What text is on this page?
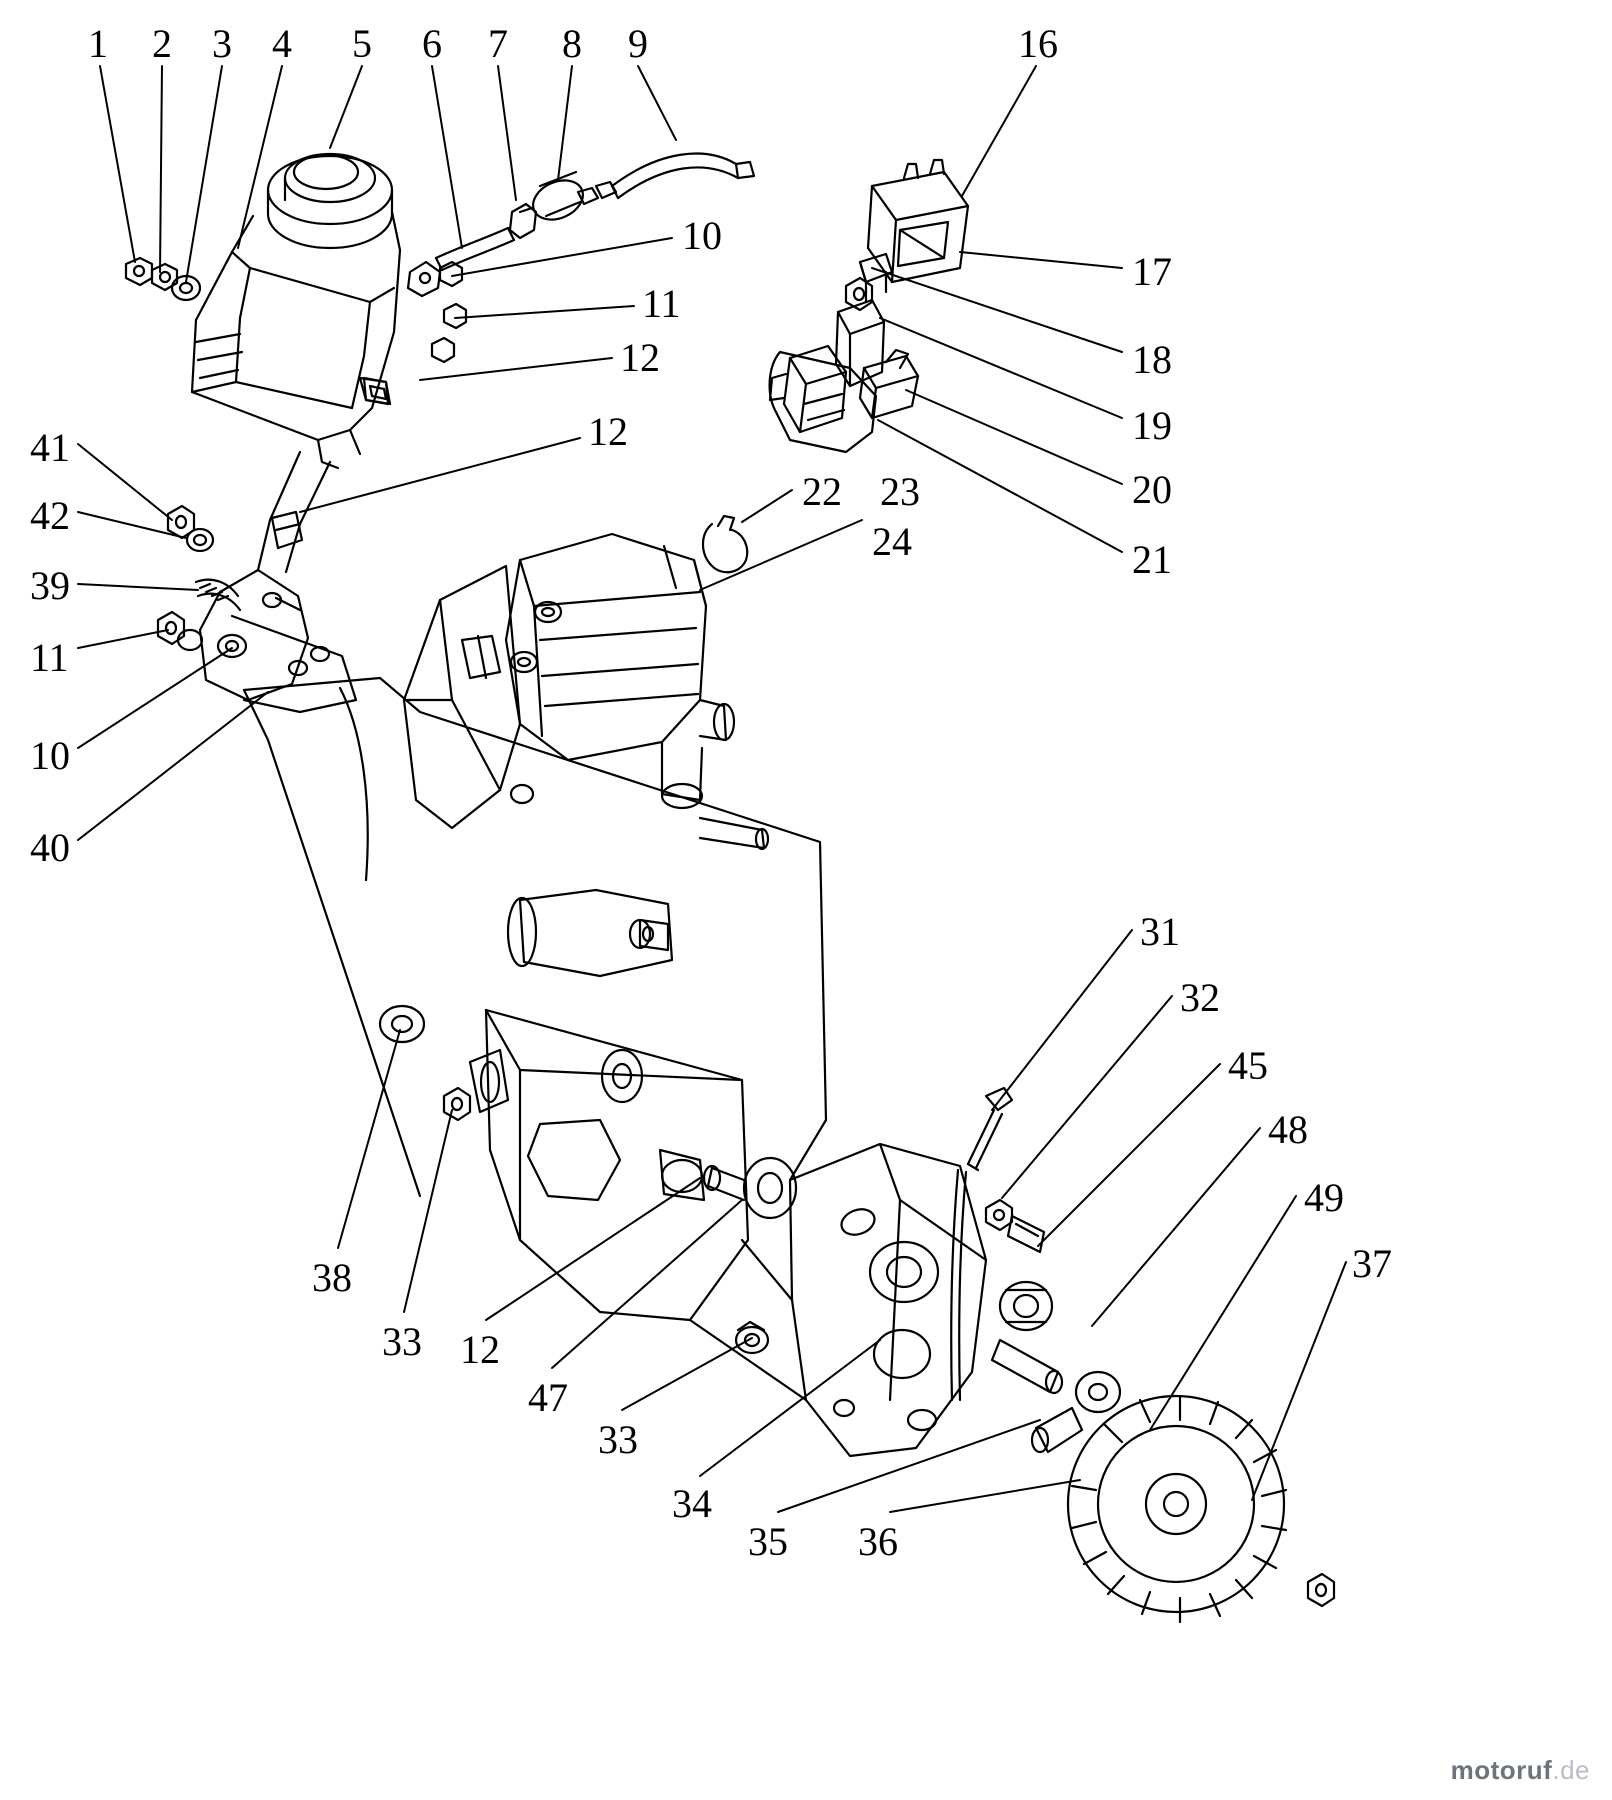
1 2 3 4 5 6 7 8 9	16
10
17
11
18
12
19
41	12
20
42
22 23
24	21
39
11
10
40
31
32
45
48
49
37
38
33 12
47
33
34
35 36
motoruf.de
